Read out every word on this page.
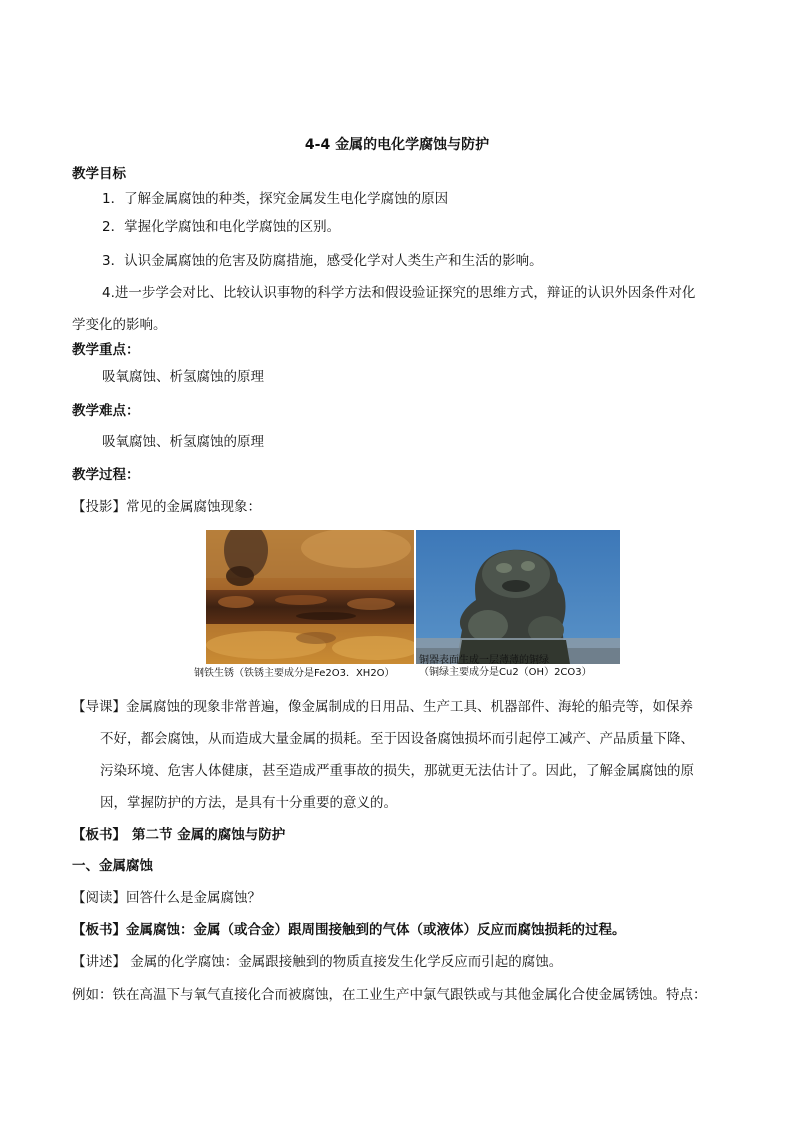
4-4 金属的电化学腐蚀与防护
教学目标
1．了解金属腐蚀的种类，探究金属发生电化学腐蚀的原因
2．掌握化学腐蚀和电化学腐蚀的区别。
3．认识金属腐蚀的危害及防腐措施，感受化学对人类生产和生活的影响。
4.进一步学会对比、比较认识事物的科学方法和假设验证探究的思维方式，辩证的认识外因条件对化
学变化的影响。
教学重点：
吸氧腐蚀、析氢腐蚀的原理
教学难点：
吸氧腐蚀、析氢腐蚀的原理
教学过程：
【投影】常见的金属腐蚀现象：
钢铁生锈（铁锈主要成分是Fe2O3．XH2O）
铜器表面生成一层薄薄的铜绿
（铜绿主要成分是Cu2（OH）2CO3）
【导课】金属腐蚀的现象非常普遍，像金属制成的日用品、生产工具、机器部件、海轮的船壳等，如保养
不好，都会腐蚀，从而造成大量金属的损耗。至于因设备腐蚀损坏而引起停工减产、产品质量下降、
污染环境、危害人体健康，甚至造成严重事故的损失，那就更无法估计了。因此，了解金属腐蚀的原
因，掌握防护的方法，是具有十分重要的意义的。
【板书】 第二节 金属的腐蚀与防护
一、金属腐蚀
【阅读】回答什么是金属腐蚀？
【板书】金属腐蚀：金属（或合金）跟周围接触到的气体（或液体）反应而腐蚀损耗的过程。
【讲述】 金属的化学腐蚀：金属跟接触到的物质直接发生化学反应而引起的腐蚀。
例如：铁在高温下与氧气直接化合而被腐蚀，在工业生产中氯气跟铁或与其他金属化合使金属锈蚀。特点：
